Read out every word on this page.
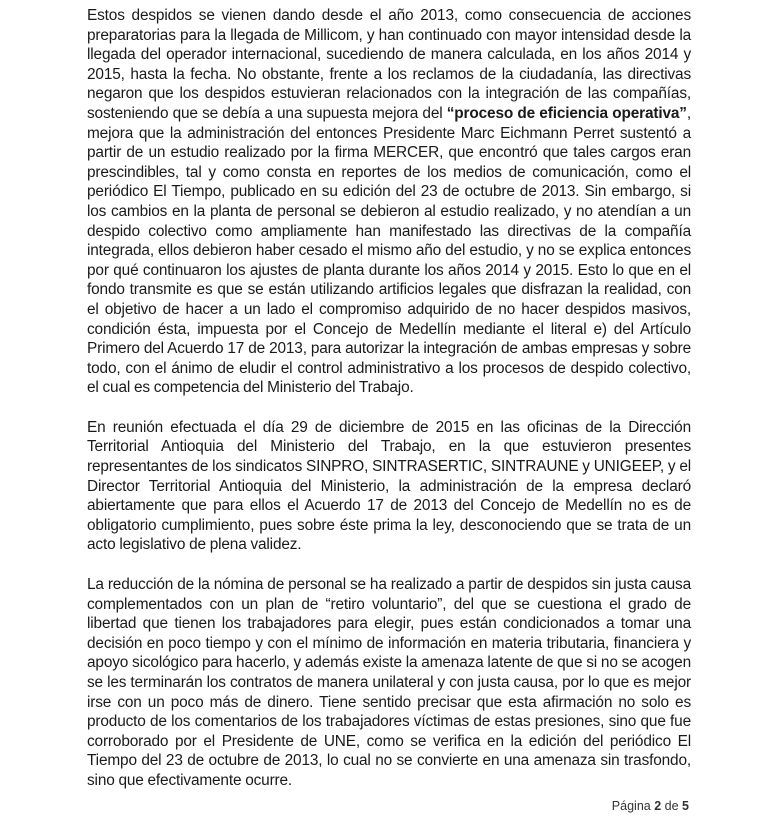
Estos despidos se vienen dando desde el año 2013, como consecuencia de acciones preparatorias para la llegada de Millicom, y han continuado con mayor intensidad desde la llegada del operador internacional, sucediendo de manera calculada, en los años 2014 y 2015, hasta la fecha. No obstante, frente a los reclamos de la ciudadanía, las directivas negaron que los despidos estuvieran relacionados con la integración de las compañías, sosteniendo que se debía a una supuesta mejora del “proceso de eficiencia operativa”, mejora que la administración del entonces Presidente Marc Eichmann Perret sustentó a partir de un estudio realizado por la firma MERCER, que encontró que tales cargos eran prescindibles, tal y como consta en reportes de los medios de comunicación, como el periódico El Tiempo, publicado en su edición del 23 de octubre de 2013. Sin embargo, si los cambios en la planta de personal se debieron al estudio realizado, y no atendían a un despido colectivo como ampliamente han manifestado las directivas de la compañía integrada, ellos debieron haber cesado el mismo año del estudio, y no se explica entonces por qué continuaron los ajustes de planta durante los años 2014 y 2015. Esto lo que en el fondo transmite es que se están utilizando artificios legales que disfrazan la realidad, con el objetivo de hacer a un lado el compromiso adquirido de no hacer despidos masivos, condición ésta, impuesta por el Concejo de Medellín mediante el literal e) del Artículo Primero del Acuerdo 17 de 2013, para autorizar la integración de ambas empresas y sobre todo, con el ánimo de eludir el control administrativo a los procesos de despido colectivo, el cual es competencia del Ministerio del Trabajo.

En reunión efectuada el día 29 de diciembre de 2015 en las oficinas de la Dirección Territorial Antioquia del Ministerio del Trabajo, en la que estuvieron presentes representantes de los sindicatos SINPRO, SINTRASERTIC, SINTRAUNE y UNIGEEP, y el Director Territorial Antioquia del Ministerio, la administración de la empresa declaró abiertamente que para ellos el Acuerdo 17 de 2013 del Concejo de Medellín no es de obligatorio cumplimiento, pues sobre éste prima la ley, desconociendo que se trata de un acto legislativo de plena validez.

La reducción de la nómina de personal se ha realizado a partir de despidos sin justa causa complementados con un plan de “retiro voluntario”, del que se cuestiona el grado de libertad que tienen los trabajadores para elegir, pues están condicionados a tomar una decisión en poco tiempo y con el mínimo de información en materia tributaria, financiera y apoyo sicológico para hacerlo, y además existe la amenaza latente de que si no se acogen se les terminarán los contratos de manera unilateral y con justa causa, por lo que es mejor irse con un poco más de dinero. Tiene sentido precisar que esta afirmación no solo es producto de los comentarios de los trabajadores víctimas de estas presiones, sino que fue corroborado por el Presidente de UNE, como se verifica en la edición del periódico El Tiempo del 23 de octubre de 2013, lo cual no se convierte en una amenaza sin trasfondo, sino que efectivamente ocurre.

Página 2 de 5
